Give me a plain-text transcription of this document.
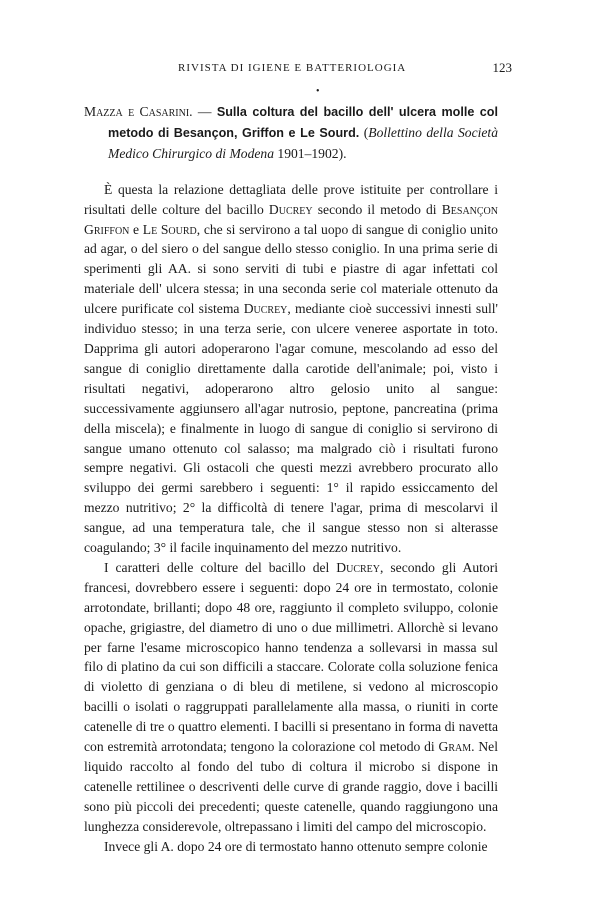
RIVISTA DI IGIENE E BATTERIOLOGIA	123
•

Mazza e Casarini. — Sulla coltura del bacillo dell' ulcera molle col metodo di Besançon, Griffon e Le Sourd. (Bollettino della Società Medico Chirurgico di Modena 1901–1902).

È questa la relazione dettagliata delle prove istituite per controllare i risultati delle colture del bacillo Ducrey secondo il metodo di Besançon Griffon e Le Sourd, che si servirono a tal uopo di sangue di coniglio unito ad agar, o del siero o del sangue dello stesso coniglio. In una prima serie di sperimenti gli AA. si sono serviti di tubi e piastre di agar infettati col materiale dell' ulcera stessa; in una seconda serie col materiale ottenuto da ulcere purificate col sistema Ducrey, mediante cioè successivi innesti sull' individuo stesso; in una terza serie, con ulcere veneree asportate in toto. Dapprima gli autori adoperarono l'agar comune, mescolando ad esso del sangue di coniglio direttamente dalla carotide dell'animale; poi, visto i risultati negativi, adoperarono altro gelosio unito al sangue: successivamente aggiunsero all'agar nutrosio, peptone, pancreatina (prima della miscela); e finalmente in luogo di sangue di coniglio si servirono di sangue umano ottenuto col salasso; ma malgrado ciò i risultati furono sempre negativi. Gli ostacoli che questi mezzi avrebbero procurato allo sviluppo dei germi sarebbero i seguenti: 1° il rapido essiccamento del mezzo nutritivo; 2° la difficoltà di tenere l'agar, prima di mescolarvi il sangue, ad una temperatura tale, che il sangue stesso non si alterasse coagulando; 3° il facile inquinamento del mezzo nutritivo.

I caratteri delle colture del bacillo del Ducrey, secondo gli Autori francesi, dovrebbero essere i seguenti: dopo 24 ore in termostato, colonie arrotondate, brillanti; dopo 48 ore, raggiunto il completo sviluppo, colonie opache, grigiastre, del diametro di uno o due millimetri. Allorchè si levano per farne l'esame microscopico hanno tendenza a sollevarsi in massa sul filo di platino da cui son difficili a staccare. Colorate colla soluzione fenica di violetto di genziana o di bleu di metilene, si vedono al microscopio bacilli o isolati o raggruppati parallelamente alla massa, o riuniti in corte catenelle di tre o quattro elementi. I bacilli si presentano in forma di navetta con estremità arrotondata; tengono la colorazione col metodo di Gram. Nel liquido raccolto al fondo del tubo di coltura il microbo si dispone in catenelle rettilinee o descriventi delle curve di grande raggio, dove i bacilli sono più piccoli dei precedenti; queste catenelle, quando raggiungono una lunghezza considerevole, oltrepassano i limiti del campo del microscopio.

Invece gli A. dopo 24 ore di termostato hanno ottenuto sempre colonie
